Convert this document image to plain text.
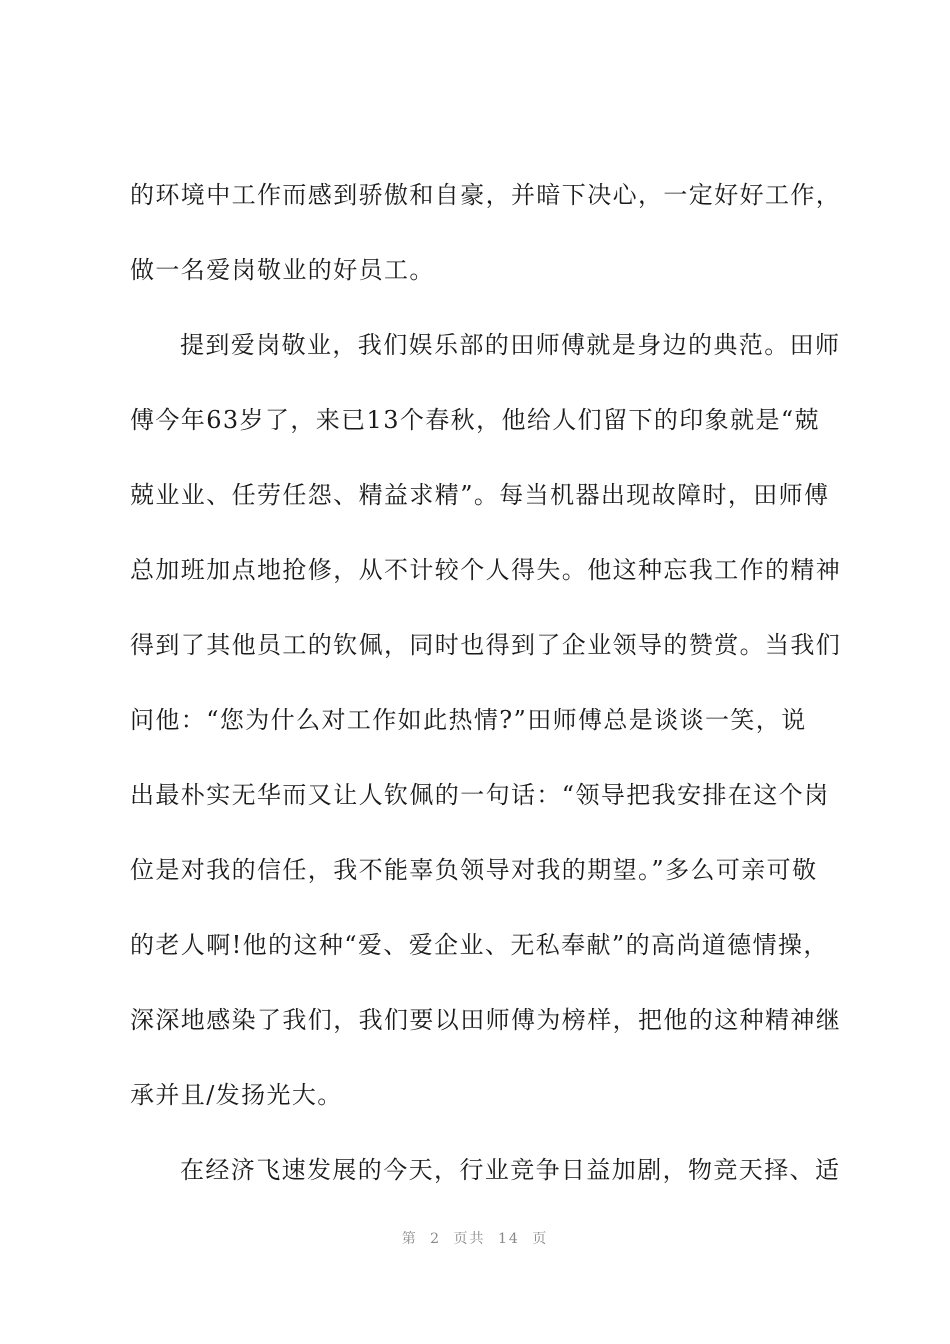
的环境中工作而感到骄傲和自豪，并暗下决心，一定好好工作，
做一名爱岗敬业的好员工。
提到爱岗敬业，我们娱乐部的田师傅就是身边的典范。田师
傅今年63岁了，来已13个春秋，他给人们留下的印象就是“兢
兢业业、任劳任怨、精益求精”。每当机器出现故障时，田师傅
总加班加点地抢修，从不计较个人得失。他这种忘我工作的精神
得到了其他员工的钦佩，同时也得到了企业领导的赞赏。当我们
问他：“您为什么对工作如此热情?”田师傅总是谈谈一笑，说
出最朴实无华而又让人钦佩的一句话：“领导把我安排在这个岗
位是对我的信任，我不能辜负领导对我的期望。”多么可亲可敬
的老人啊!他的这种“爱、爱企业、无私奉献”的高尚道德情操，
深深地感染了我们，我们要以田师傅为榜样，把他的这种精神继
承并且/发扬光大。
在经济飞速发展的今天，行业竞争日益加剧，物竞天择、适
第 2 页共 14 页
